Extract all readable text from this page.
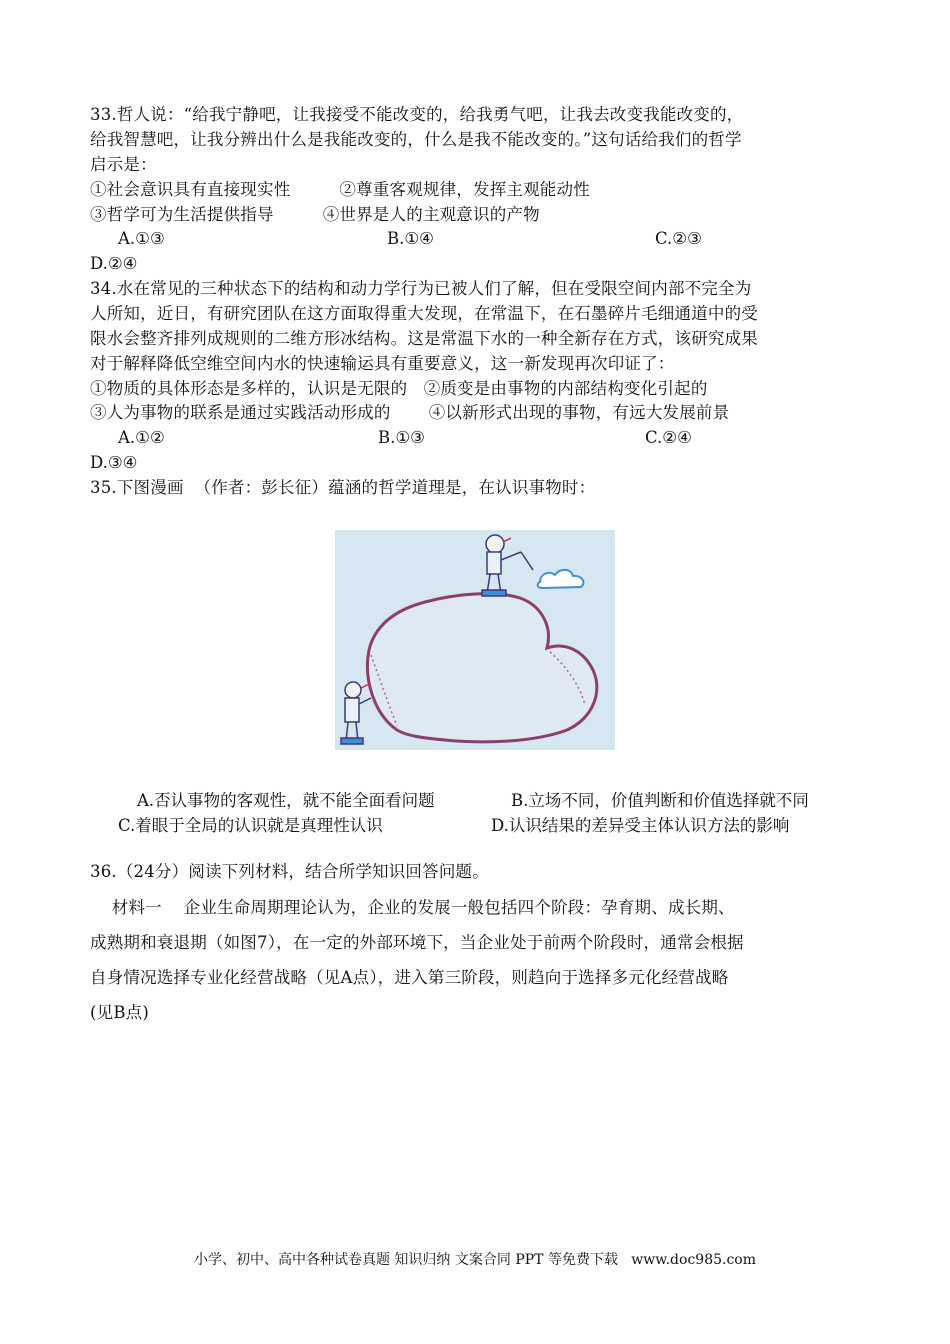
33.哲人说：“给我宁静吧，让我接受不能改变的，给我勇气吧，让我去改变我能改变的，
给我智慧吧，让我分辨出什么是我能改变的，什么是我不能改变的。”这句话给我们的哲学
启示是：
①社会意识具有直接现实性         ②尊重客观规律，发挥主观能动性
③哲学可为生活提供指导         ④世界是人的主观意识的产物
A.①③	B.①④	C.②③
D.②④
34.水在常见的三种状态下的结构和动力学行为已被人们了解，但在受限空间内部不完全为
人所知，近日，有研究团队在这方面取得重大发现，在常温下，在石墨碎片毛细通道中的受
限水会整齐排列成规则的二维方形冰结构。这是常温下水的一种全新存在方式，该研究成果
对于解释降低空维空间内水的快速输运具有重要意义，这一新发现再次印证了：
①物质的具体形态是多样的，认识是无限的   ②质变是由事物的内部结构变化引起的
③人为事物的联系是通过实践活动形成的       ④以新形式出现的事物，有远大发展前景
A.①②	B.①③	C.②④
D.③④
35.下图漫画  （作者：彭长征）蕴涵的哲学道理是，在认识事物时：
A.否认事物的客观性，就不能全面看问题	B.立场不同，价值判断和价值选择就不同
C.着眼于全局的认识就是真理性认识	D.认识结果的差异受主体认识方法的影响
36.（24分）阅读下列材料，结合所学知识回答问题。
材料一    企业生命周期理论认为，企业的发展一般包括四个阶段：孕育期、成长期、
成熟期和衰退期（如图7），在一定的外部环境下，当企业处于前两个阶段时，通常会根据
自身情况选择专业化经营战略（见A点），进入第三阶段，则趋向于选择多元化经营战略
(见B点)
小学、初中、高中各种试卷真题 知识归纳 文案合同 PPT 等免费下载   www.doc985.com
